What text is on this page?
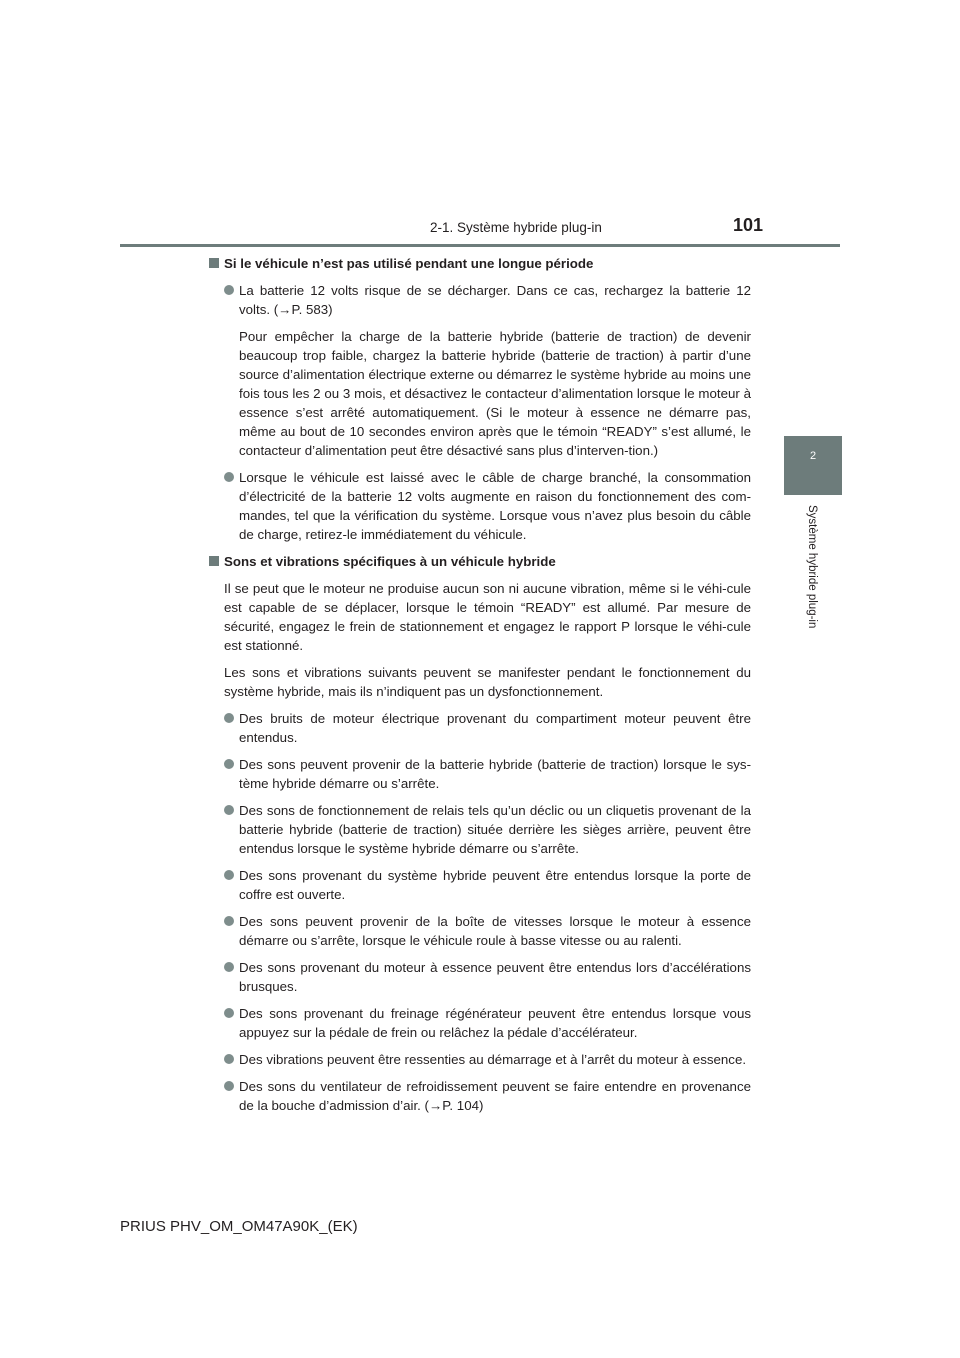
2-1. Système hybride plug-in	101
2
Système hybride plug-in
Si le véhicule n’est pas utilisé pendant une longue période
La batterie 12 volts risque de se décharger. Dans ce cas, rechargez la batterie 12 volts. (→P. 583)
Pour empêcher la charge de la batterie hybride (batterie de traction) de devenir beaucoup trop faible, chargez la batterie hybride (batterie de traction) à partir d’une source d’alimentation électrique externe ou démarrez le système hybride au moins une fois tous les 2 ou 3 mois, et désactivez le contacteur d’alimentation lorsque le moteur à essence s’est arrêté automatiquement. (Si le moteur à essence ne démarre pas, même au bout de 10 secondes environ après que le témoin “READY” s’est allumé, le contacteur d’alimentation peut être désactivé sans plus d’interven-tion.)
Lorsque le véhicule est laissé avec le câble de charge branché, la consommation d’électricité de la batterie 12 volts augmente en raison du fonctionnement des com-mandes, tel que la vérification du système. Lorsque vous n’avez plus besoin du câble de charge, retirez-le immédiatement du véhicule.
Sons et vibrations spécifiques à un véhicule hybride
Il se peut que le moteur ne produise aucun son ni aucune vibration, même si le véhi-cule est capable de se déplacer, lorsque le témoin “READY” est allumé. Par mesure de sécurité, engagez le frein de stationnement et engagez le rapport P lorsque le véhi-cule est stationné.
Les sons et vibrations suivants peuvent se manifester pendant le fonctionnement du système hybride, mais ils n’indiquent pas un dysfonctionnement.
Des bruits de moteur électrique provenant du compartiment moteur peuvent être entendus.
Des sons peuvent provenir de la batterie hybride (batterie de traction) lorsque le sys-tème hybride démarre ou s’arrête.
Des sons de fonctionnement de relais tels qu’un déclic ou un cliquetis provenant de la batterie hybride (batterie de traction) située derrière les sièges arrière, peuvent être entendus lorsque le système hybride démarre ou s’arrête.
Des sons provenant du système hybride peuvent être entendus lorsque la porte de coffre est ouverte.
Des sons peuvent provenir de la boîte de vitesses lorsque le moteur à essence démarre ou s’arrête, lorsque le véhicule roule à basse vitesse ou au ralenti.
Des sons provenant du moteur à essence peuvent être entendus lors d’accélérations brusques.
Des sons provenant du freinage régénérateur peuvent être entendus lorsque vous appuyez sur la pédale de frein ou relâchez la pédale d’accélérateur.
Des vibrations peuvent être ressenties au démarrage et à l’arrêt du moteur à essence.
Des sons du ventilateur de refroidissement peuvent se faire entendre en provenance de la bouche d’admission d’air. (→P. 104)
PRIUS PHV_OM_OM47A90K_(EK)
